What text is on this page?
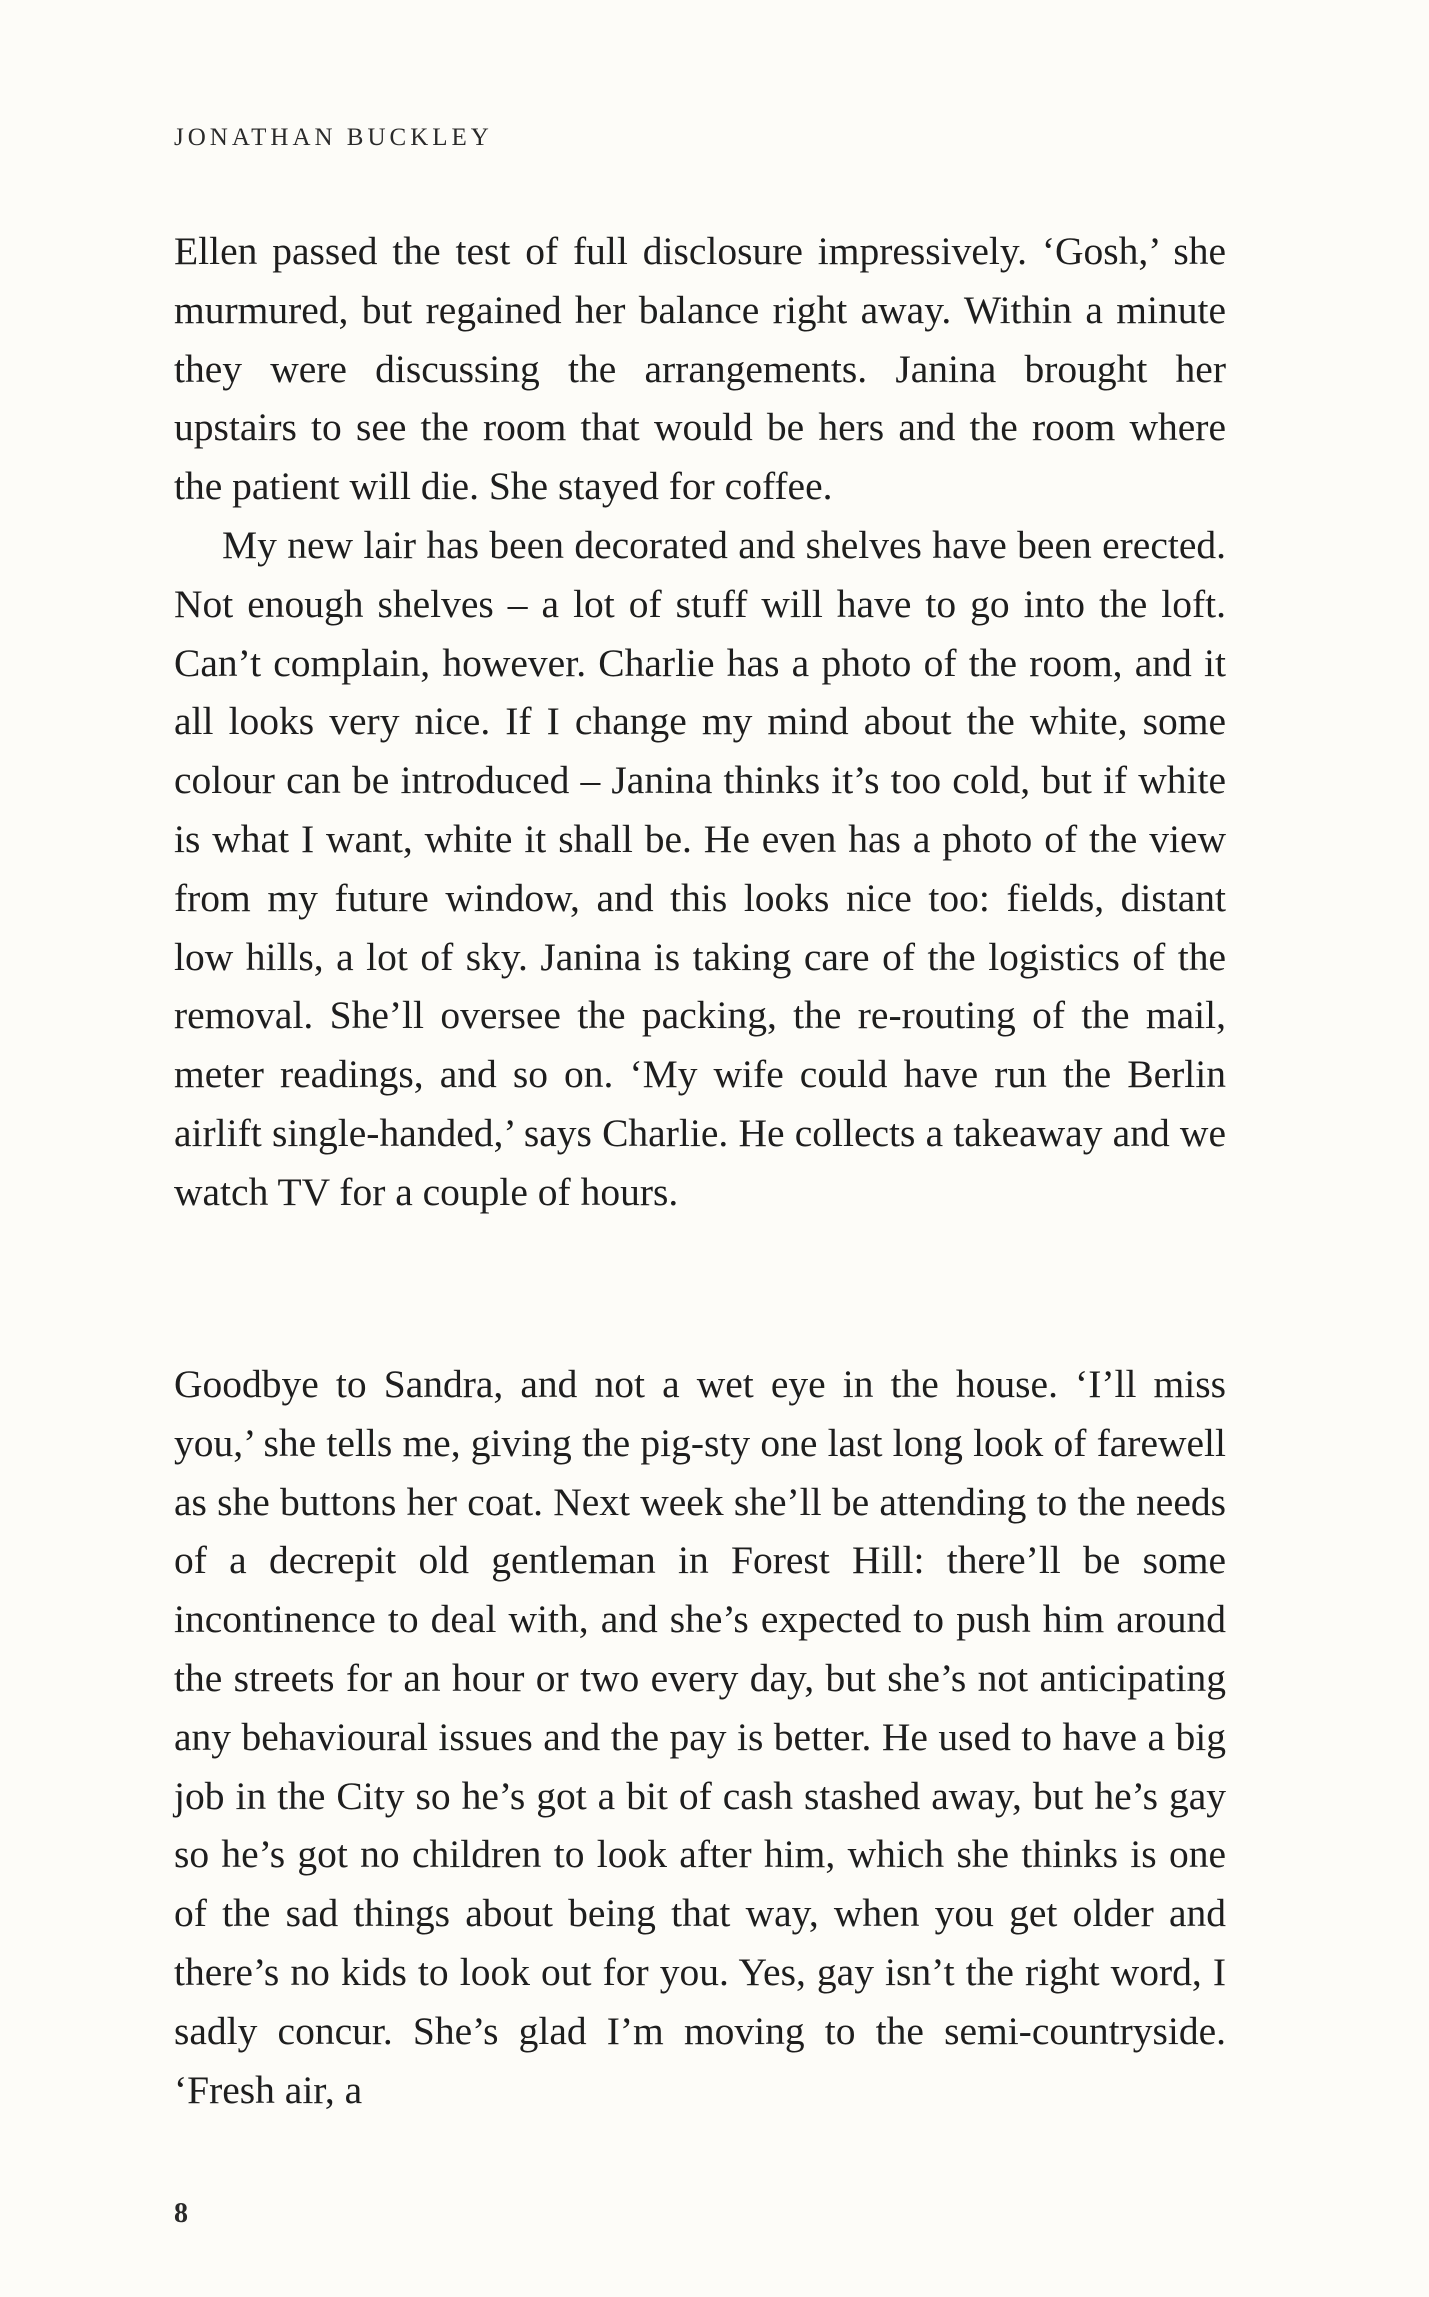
JONATHAN BUCKLEY

Ellen passed the test of full disclosure impressively. ‘Gosh,’ she murmured, but regained her balance right away. Within a minute they were discussing the arrangements. Janina brought her upstairs to see the room that would be hers and the room where the patient will die. She stayed for coffee.

My new lair has been decorated and shelves have been erected. Not enough shelves – a lot of stuff will have to go into the loft. Can’t complain, however. Charlie has a photo of the room, and it all looks very nice. If I change my mind about the white, some colour can be introduced – Janina thinks it’s too cold, but if white is what I want, white it shall be. He even has a photo of the view from my future window, and this looks nice too: fields, distant low hills, a lot of sky. Janina is taking care of the logistics of the removal. She’ll oversee the packing, the re-routing of the mail, meter readings, and so on. ‘My wife could have run the Berlin airlift single-handed,’ says Charlie. He collects a takeaway and we watch TV for a couple of hours.

Goodbye to Sandra, and not a wet eye in the house. ‘I’ll miss you,’ she tells me, giving the pig-sty one last long look of farewell as she buttons her coat. Next week she’ll be attending to the needs of a decrepit old gentleman in Forest Hill: there’ll be some incontinence to deal with, and she’s expected to push him around the streets for an hour or two every day, but she’s not anticipating any behavioural issues and the pay is better. He used to have a big job in the City so he’s got a bit of cash stashed away, but he’s gay so he’s got no children to look after him, which she thinks is one of the sad things about being that way, when you get older and there’s no kids to look out for you. Yes, gay isn’t the right word, I sadly concur. She’s glad I’m moving to the semi-countryside. ‘Fresh air, a

8
